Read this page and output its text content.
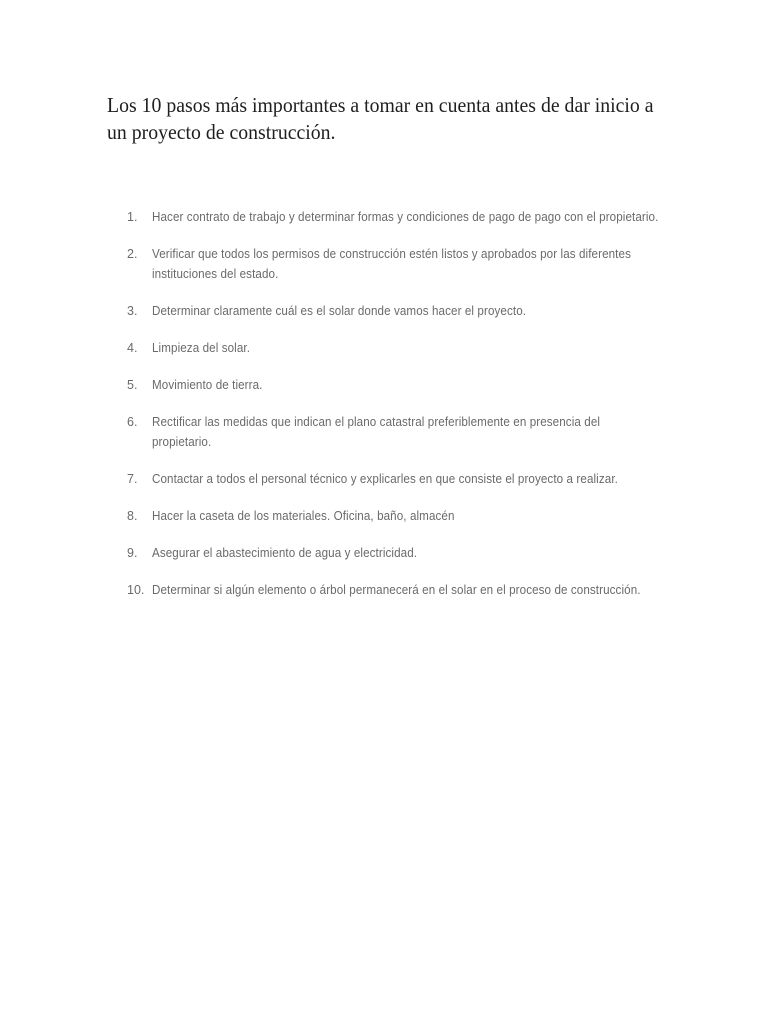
Los 10 pasos más importantes a tomar en cuenta antes de dar inicio a un proyecto de construcción.
1. Hacer contrato de trabajo y determinar formas y condiciones de pago de pago con el propietario.
2. Verificar que todos los permisos de construcción estén listos y aprobados por las diferentes instituciones del estado.
3. Determinar claramente cuál es el solar donde vamos hacer el proyecto.
4. Limpieza del solar.
5. Movimiento de tierra.
6. Rectificar las medidas que indican el plano catastral preferiblemente en presencia del propietario.
7. Contactar a todos el personal técnico y explicarles en que consiste el proyecto a realizar.
8. Hacer la caseta de los materiales. Oficina, baño, almacén
9. Asegurar el abastecimiento de agua y electricidad.
10. Determinar si algún elemento o árbol permanecerá en el solar en el proceso de construcción.
